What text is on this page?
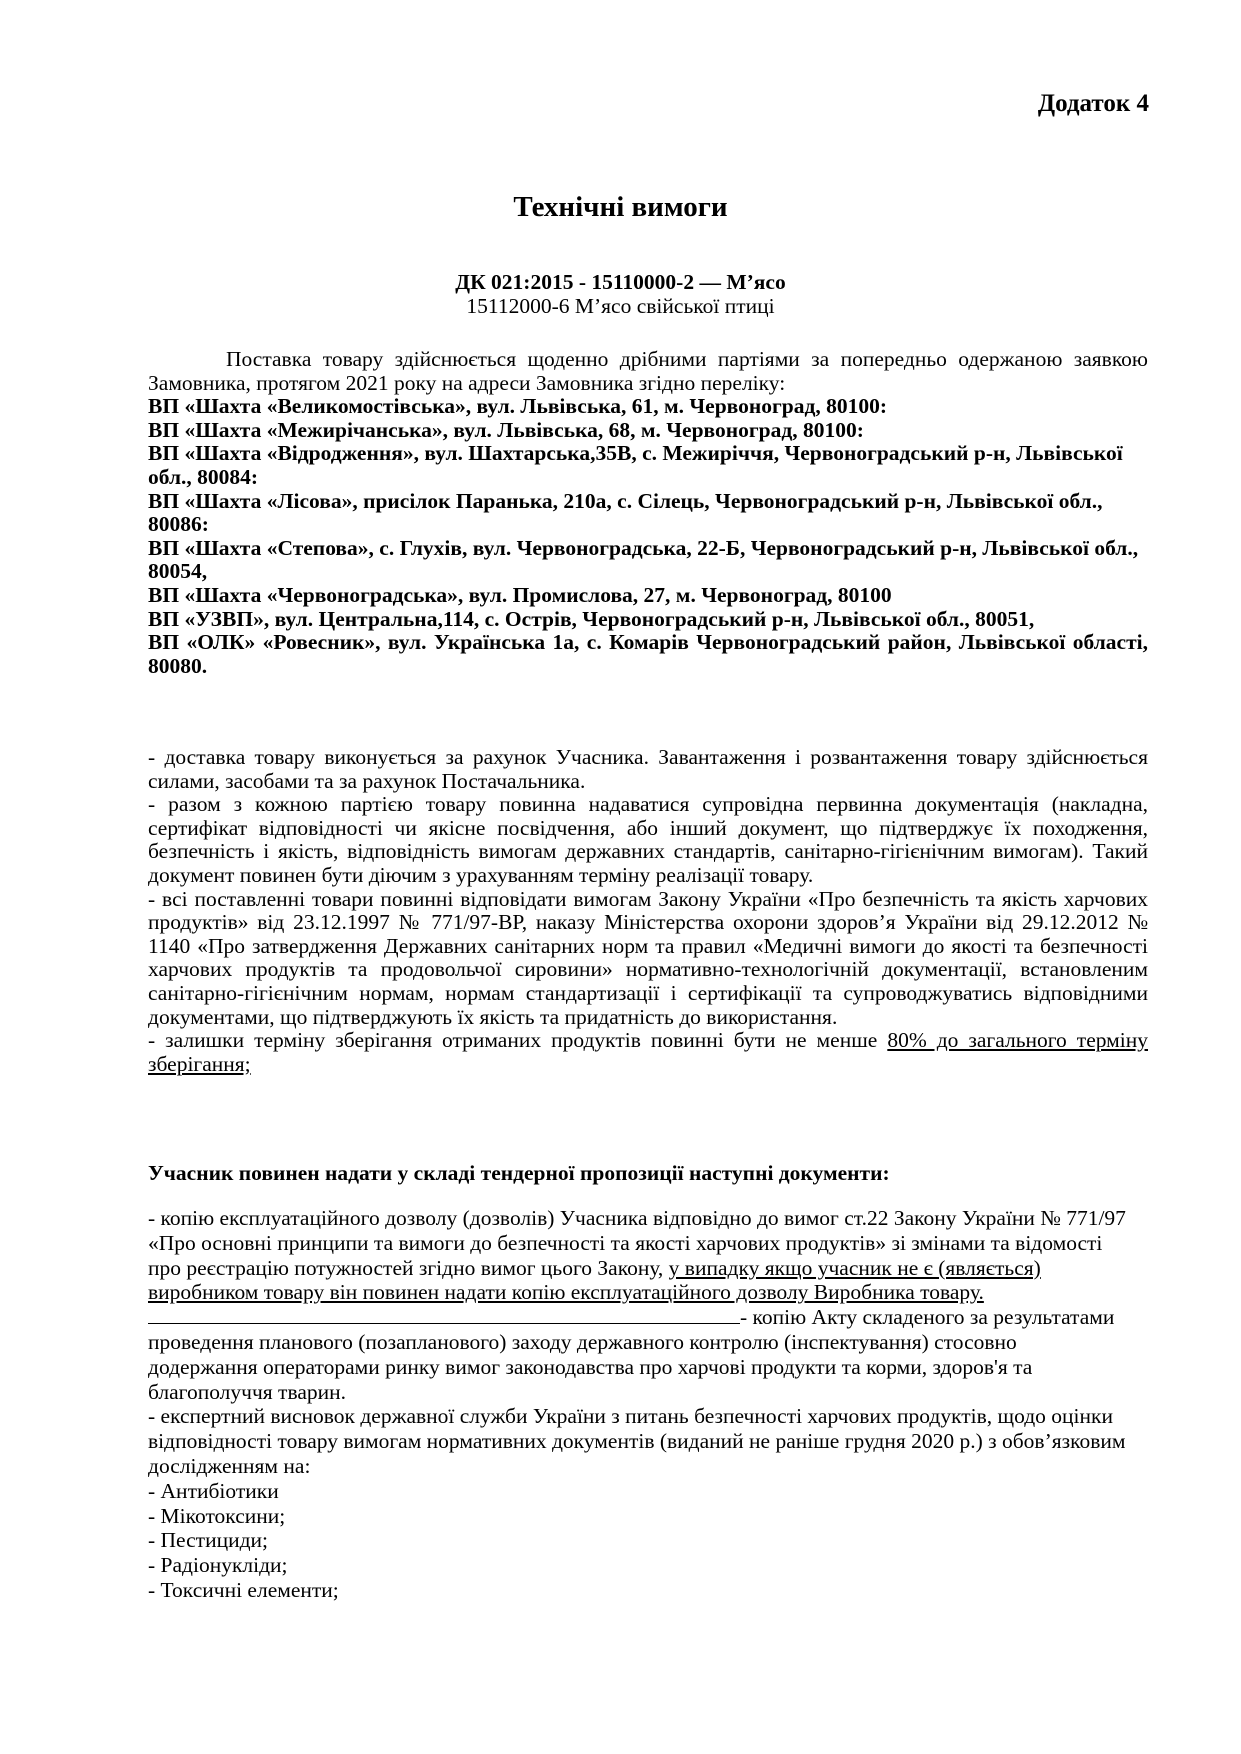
Додаток 4
Технічні вимоги
ДК 021:2015 - 15110000-2 — М’ясо
15112000-6 М’ясо свійської птиці
Поставка товару здійснюється щоденно дрібними партіями за попередньо одержаною заявкою Замовника, протягом 2021 року на адреси Замовника згідно переліку:
ВП «Шахта «Великомостівська», вул. Львівська, 61, м. Червоноград, 80100:
ВП «Шахта «Межирічанська», вул. Львівська, 68, м. Червоноград, 80100:
ВП «Шахта «Відродження», вул. Шахтарська,35В, с. Межиріччя, Червоноградський р-н, Львівської обл., 80084:
ВП «Шахта «Лісова», присілок Паранька, 210а, с. Сілець, Червоноградський р-н, Львівської обл., 80086:
ВП «Шахта «Степова», с. Глухів, вул. Червоноградська, 22-Б, Червоноградський р-н, Львівської обл., 80054,
ВП «Шахта «Червоноградська», вул. Промислова, 27, м. Червоноград, 80100
ВП «УЗВП», вул. Центральна,114, с. Острів, Червоноградський р-н, Львівської обл., 80051,
ВП «ОЛК» «Ровесник», вул. Українська 1а, с. Комарів Червоноградський район, Львівської області, 80080.
- доставка товару виконується за рахунок Учасника. Завантаження і розвантаження товару здійснюється силами, засобами та за рахунок Постачальника.
- разом з кожною партією товару повинна надаватися супровідна первинна документація (накладна, сертифікат відповідності чи якісне посвідчення, або інший документ, що підтверджує їх походження, безпечність і якість, відповідність вимогам державних стандартів, санітарно-гігієнічним вимогам). Такий документ повинен бути діючим з урахуванням терміну реалізації товару.
- всі поставленні товари повинні відповідати вимогам Закону України «Про безпечність та якість харчових продуктів» від 23.12.1997 № 771/97-ВР, наказу Міністерства охорони здоров’я України від 29.12.2012 № 1140 «Про затвердження Державних санітарних норм та правил «Медичні вимоги до якості та безпечності харчових продуктів та продовольчої сировини» нормативно-технологічній документації, встановленим санітарно-гігієнічним нормам, нормам стандартизації і сертифікації та супроводжуватись відповідними документами, що підтверджують їх якість та придатність до використання.
- залишки терміну зберігання отриманих продуктів повинні бути не менше 80% до загального терміну зберігання;
Учасник повинен надати у складі тендерної пропозиції наступні документи:
- копію експлуатаційного дозволу (дозволів) Учасника відповідно до вимог ст.22 Закону України № 771/97 «Про основні принципи та вимоги до безпечності та якості харчових продуктів» зі змінами та відомості про реєстрацію потужностей згідно вимог цього Закону, у випадку якщо учасник не є (являється) виробником товару він повинен надати копію експлуатаційного дозволу Виробника товару.- копію Акту складеного за результатами проведення планового (позапланового) заходу державного контролю (інспектування) стосовно додержання операторами ринку вимог законодавства про харчові продукти та корми, здоров'я та благополуччя тварин.
- експертний висновок державної служби України з питань безпечності харчових продуктів, щодо оцінки відповідності товару вимогам нормативних документів (виданий не раніше грудня 2020 р.) з обов’язковим дослідженням на:
- Антибіотики
- Мікотоксини;
- Пестициди;
- Радіонукліди;
- Токсичні елементи;
